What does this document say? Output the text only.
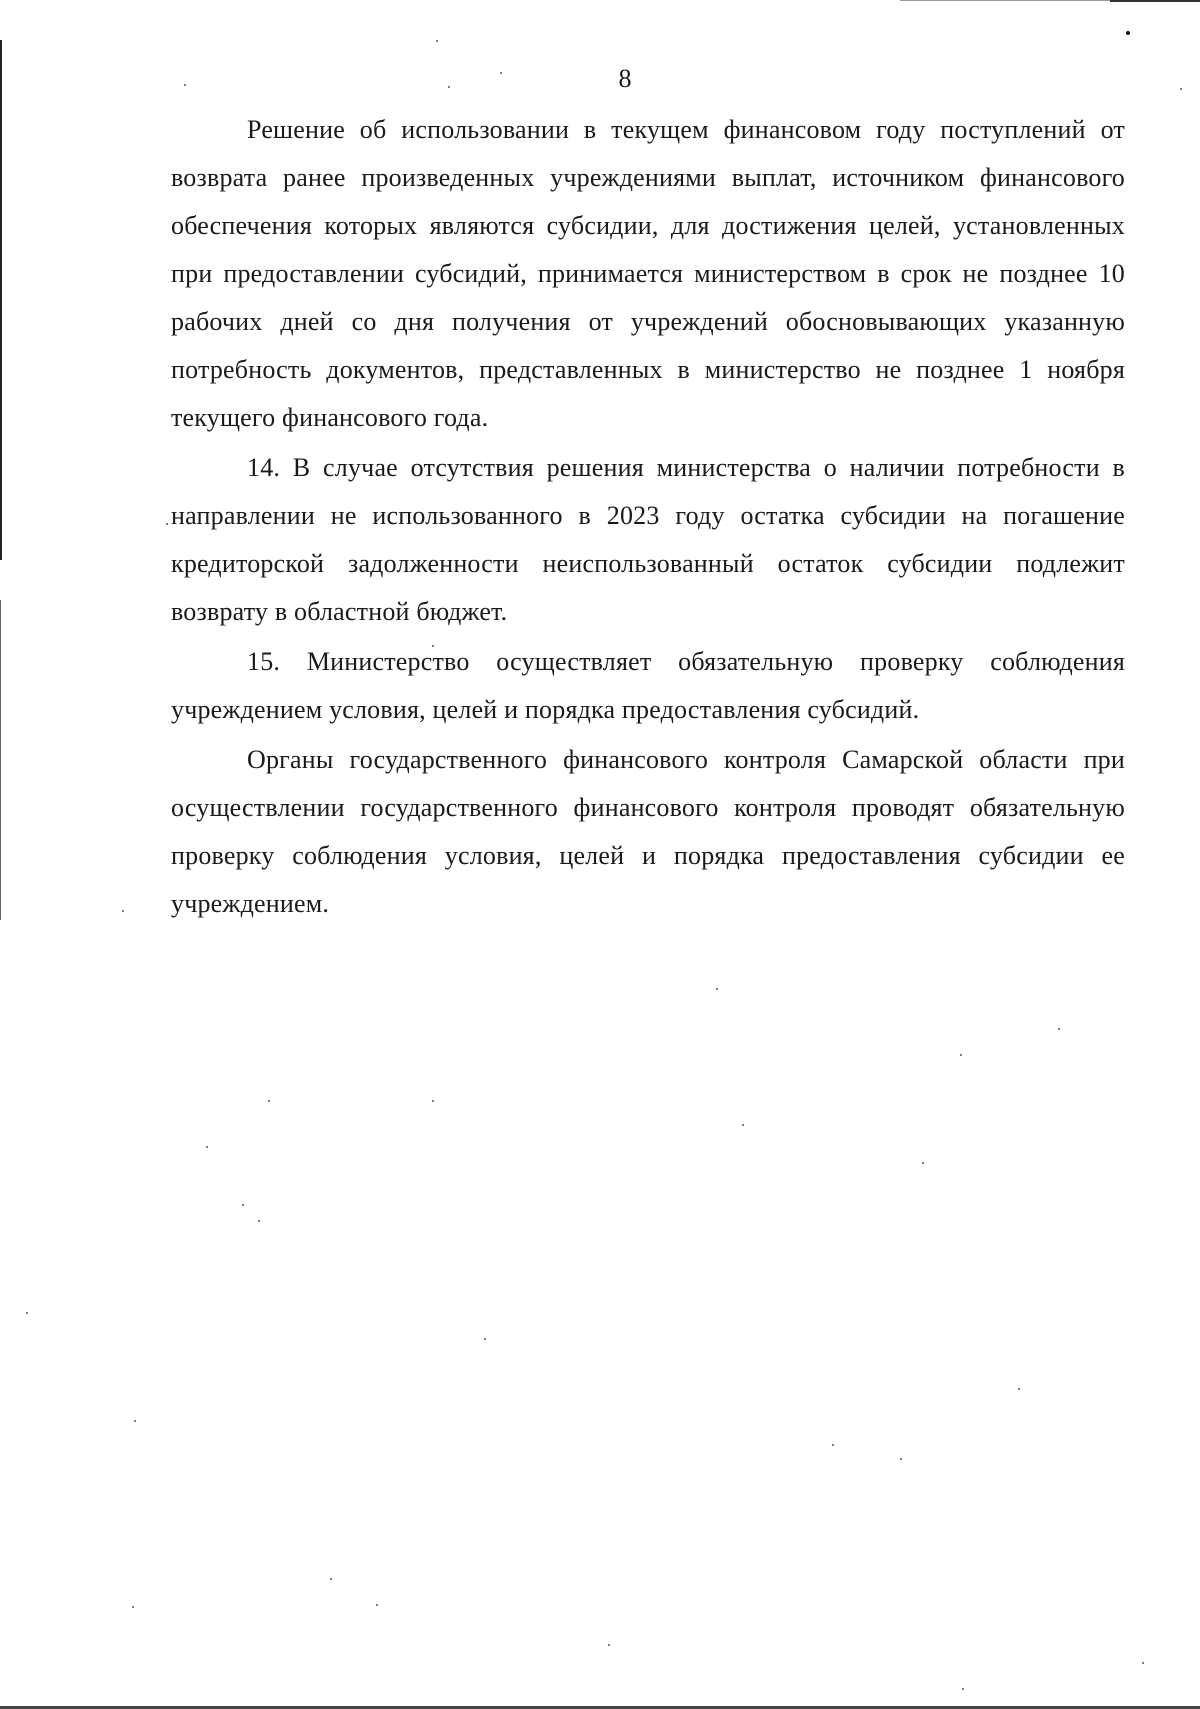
8

Решение об использовании в текущем финансовом году поступлений от возврата ранее произведенных учреждениями выплат, источником финансового обеспечения которых являются субсидии, для достижения целей, установленных при предоставлении субсидий, принимается министерством в срок не позднее 10 рабочих дней со дня получения от учреждений обосновывающих указанную потребность документов, представленных в министерство не позднее 1 ноября текущего финансового года.

14. В случае отсутствия решения министерства о наличии потребности в направлении не использованного в 2023 году остатка субсидии на погашение кредиторской задолженности неиспользованный остаток субсидии подлежит возврату в областной бюджет.

15. Министерство осуществляет обязательную проверку соблюдения учреждением условия, целей и порядка предоставления субсидий.

Органы государственного финансового контроля Самарской области при осуществлении государственного финансового контроля проводят обязательную проверку соблюдения условия, целей и порядка предоставления субсидии ее учреждением.
